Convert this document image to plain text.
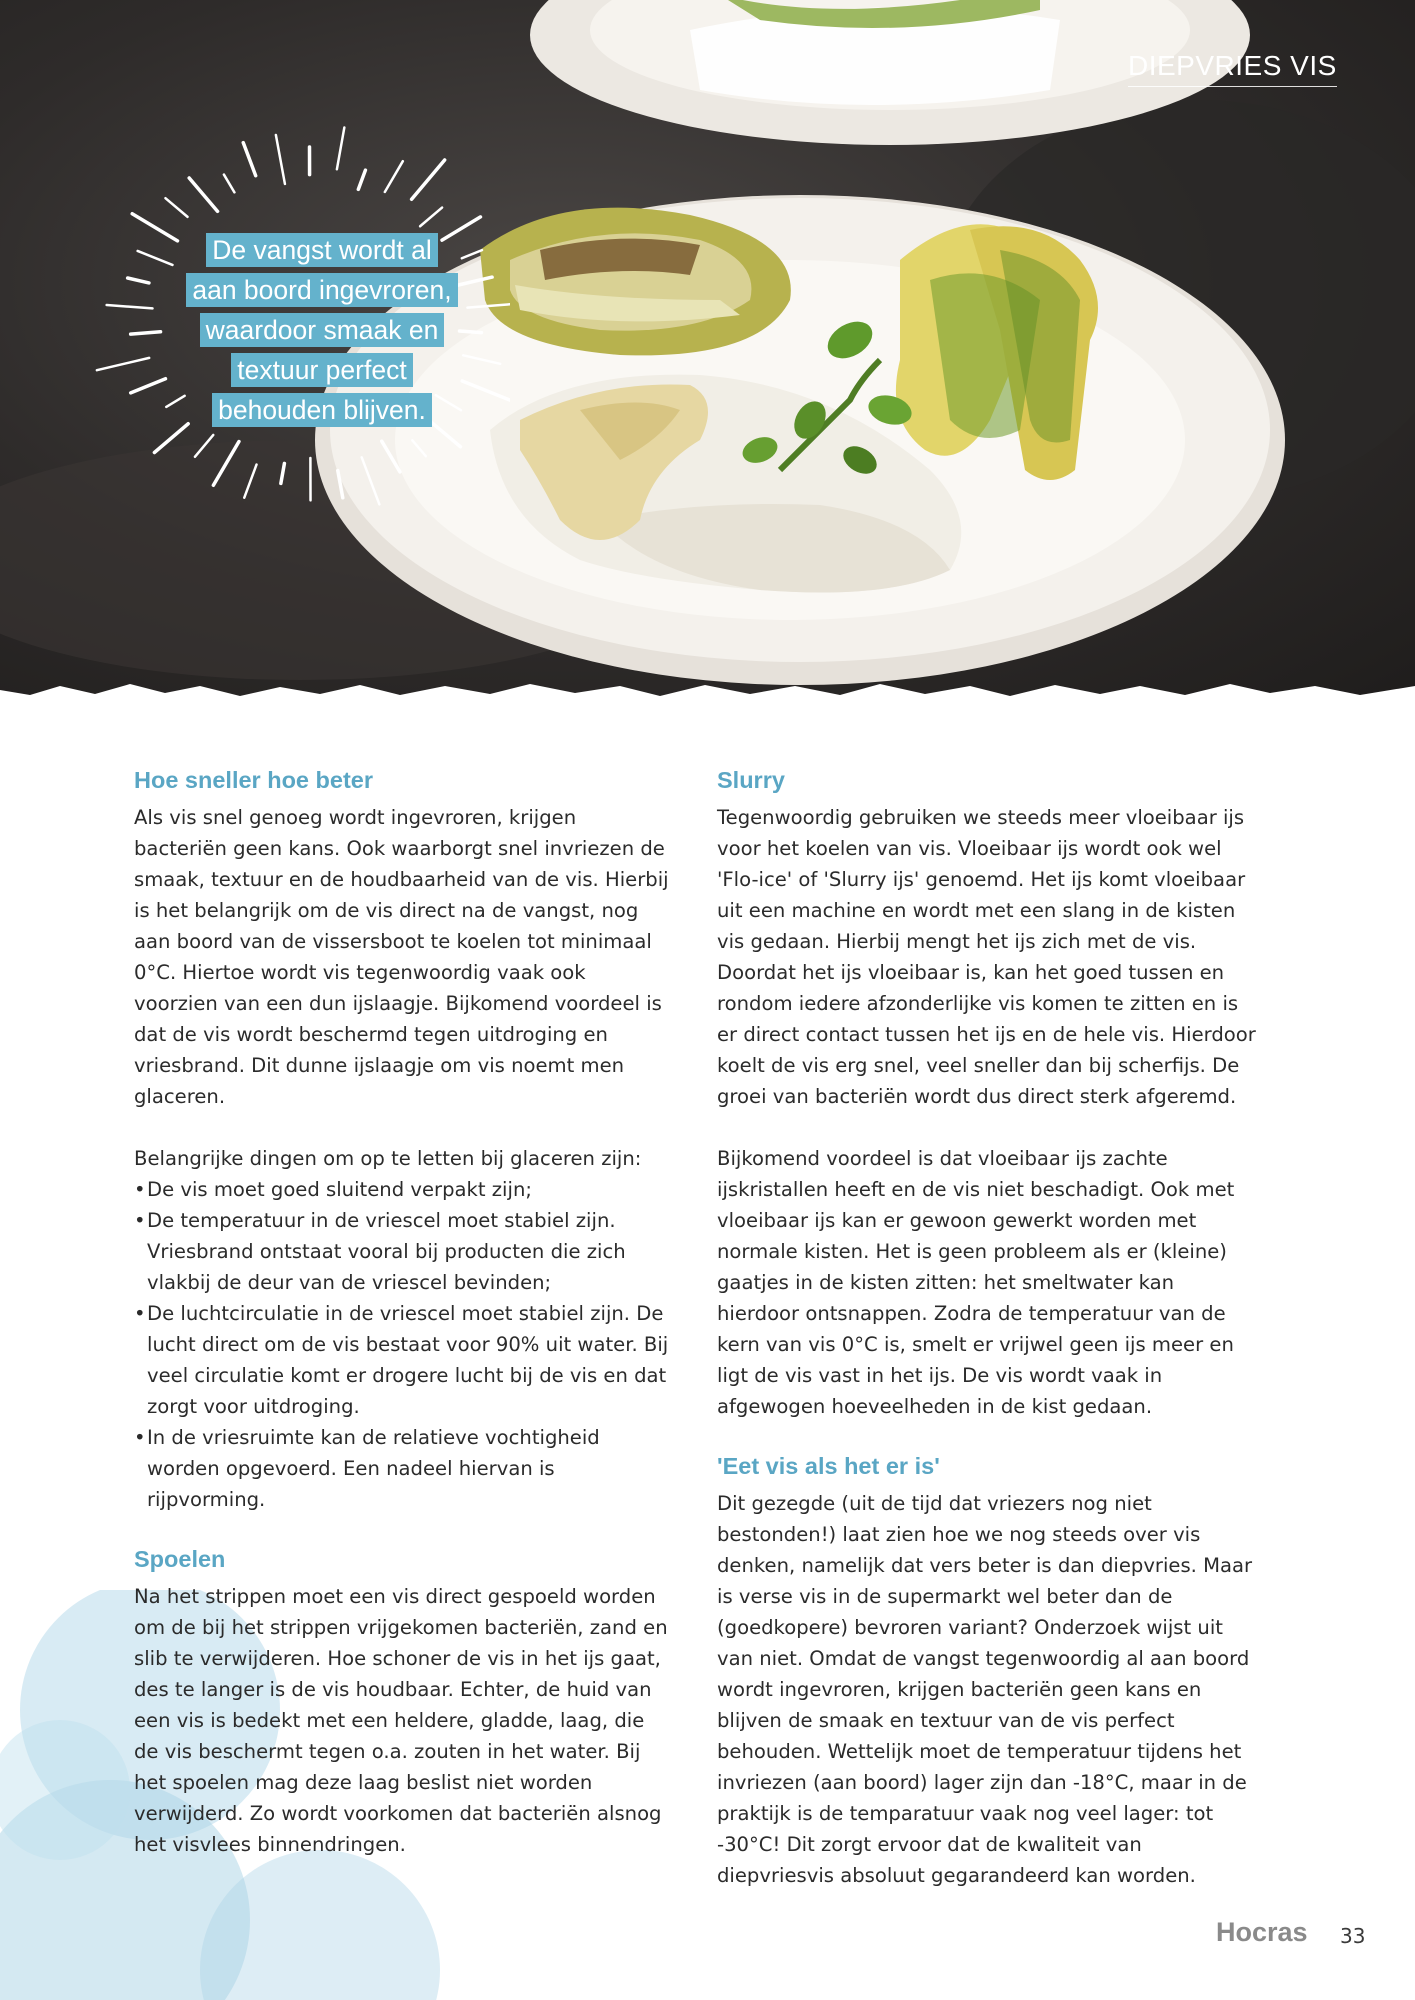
DIEPVRIES VIS
De vangst wordt al
aan boord ingevroren,
waardoor smaak en
textuur perfect
behouden blijven.
Hoe sneller hoe beter

Als vis snel genoeg wordt ingevroren, krijgen bacteriën geen kans. Ook waarborgt snel invriezen de smaak, textuur en de houdbaarheid van de vis. Hierbij is het belangrijk om de vis direct na de vangst, nog aan boord van de vissersboot te koelen tot minimaal 0°C. Hiertoe wordt vis tegenwoordig vaak ook voorzien van een dun ijslaagje. Bijkomend voordeel is dat de vis wordt beschermd tegen uitdroging en vriesbrand. Dit dunne ijslaagje om vis noemt men glaceren.

Belangrijke dingen om op te letten bij glaceren zijn:

• De vis moet goed sluitend verpakt zijn;
• De temperatuur in de vriescel moet stabiel zijn. Vriesbrand ontstaat vooral bij producten die zich vlakbij de deur van de vriescel bevinden;
• De luchtcirculatie in de vriescel moet stabiel zijn. De lucht direct om de vis bestaat voor 90% uit water. Bij veel circulatie komt er drogere lucht bij de vis en dat zorgt voor uitdroging.
• In de vriesruimte kan de relatieve vochtigheid worden opgevoerd. Een nadeel hiervan is rijpvorming.
Spoelen

Na het strippen moet een vis direct gespoeld worden om de bij het strippen vrijgekomen bacteriën, zand en slib te verwijderen. Hoe schoner de vis in het ijs gaat, des te langer is de vis houdbaar. Echter, de huid van een vis is bedekt met een heldere, gladde, laag, die de vis beschermt tegen o.a. zouten in het water. Bij het spoelen mag deze laag beslist niet worden verwijderd. Zo wordt voorkomen dat bacteriën alsnog het visvlees binnendringen.

Slurry

Tegenwoordig gebruiken we steeds meer vloeibaar ijs voor het koelen van vis. Vloeibaar ijs wordt ook wel 'Flo-ice' of 'Slurry ijs' genoemd. Het ijs komt vloeibaar uit een machine en wordt met een slang in de kisten vis gedaan. Hierbij mengt het ijs zich met de vis. Doordat het ijs vloeibaar is, kan het goed tussen en rondom iedere afzonderlijke vis komen te zitten en is er direct contact tussen het ijs en de hele vis. Hierdoor koelt de vis erg snel, veel sneller dan bij scherfijs. De groei van bacteriën wordt dus direct sterk afgeremd.

Bijkomend voordeel is dat vloeibaar ijs zachte ijskristallen heeft en de vis niet beschadigt. Ook met vloeibaar ijs kan er gewoon gewerkt worden met normale kisten. Het is geen probleem als er (kleine) gaatjes in de kisten zitten: het smeltwater kan hierdoor ontsnappen. Zodra de temperatuur van de kern van vis 0°C is, smelt er vrijwel geen ijs meer en ligt de vis vast in het ijs. De vis wordt vaak in afgewogen hoeveelheden in de kist gedaan.

'Eet vis als het er is'

Dit gezegde (uit de tijd dat vriezers nog niet bestonden!) laat zien hoe we nog steeds over vis denken, namelijk dat vers beter is dan diepvries. Maar is verse vis in de supermarkt wel beter dan de (goedkopere) bevroren variant? Onderzoek wijst uit van niet. Omdat de vangst tegenwoordig al aan boord wordt ingevroren, krijgen bacteriën geen kans en blijven de smaak en textuur van de vis perfect behouden. Wettelijk moet de temperatuur tijdens het invriezen (aan boord) lager zijn dan -18°C, maar in de praktijk is de temparatuur vaak nog veel lager: tot -30°C! Dit zorgt ervoor dat de kwaliteit van diepvriesvis absoluut gegarandeerd kan worden.

Hocras 33
